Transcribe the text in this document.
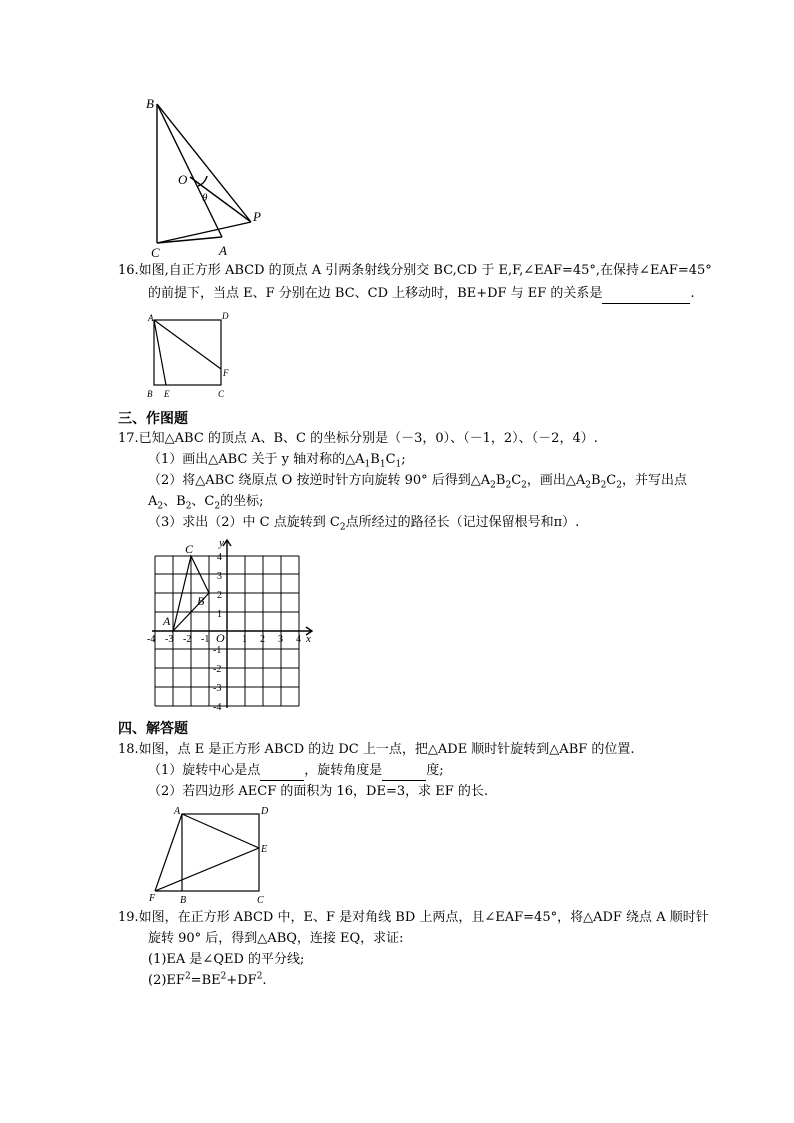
B
O
θ
P
C	A
16.如图,自正方形 ABCD 的顶点 A 引两条射线分别交 BC,CD 于 E,F,∠EAF=45°,在保持∠EAF=45°
的前提下，当点 E、F 分别在边 BC、CD 上移动时，BE+DF 与 EF 的关系是	.
A	D
F
B E	C
三、作图题
17.已知△ABC 的顶点 A、B、C 的坐标分别是（－3，0）、（－1，2）、（－2，4）.
（1）画出△ABC 关于 y 轴对称的$\triangle A_1B_1C_1$;
（2）将△ABC 绕原点 O 按逆时针方向旋转 90° 后得到$\triangle A_2B_2C_2$，画出$\triangle A_2B_2C_2$，并写出点
$A_2$、$B_2$、$C_2$的坐标;
（3）求出（2）中 C 点旋转到 $C_2$点所经过的路径长（记过保留根号和π）.
C
B
A
y
x
O
-4 -3 -2 -1	1 2 3 4
4
3
2
1
-1
-2
-3
-4
四、解答题
18.如图，点 E 是正方形 ABCD 的边 DC 上一点，把△ADE 顺时针旋转到△ABF 的位置.
（1）旋转中心是点	，旋转角度是	度;
（2）若四边形 AECF 的面积为 16，DE=3，求 EF 的长.
A	D
E
F B	C
19.如图，在正方形 ABCD 中，E、F 是对角线 BD 上两点，且∠EAF=45°，将△ADF 绕点 A 顺时针
旋转 90° 后，得到△ABQ，连接 EQ，求证:
(1)EA 是∠QED 的平分线;
$(2)EF^2=BE^2+DF^2$.
